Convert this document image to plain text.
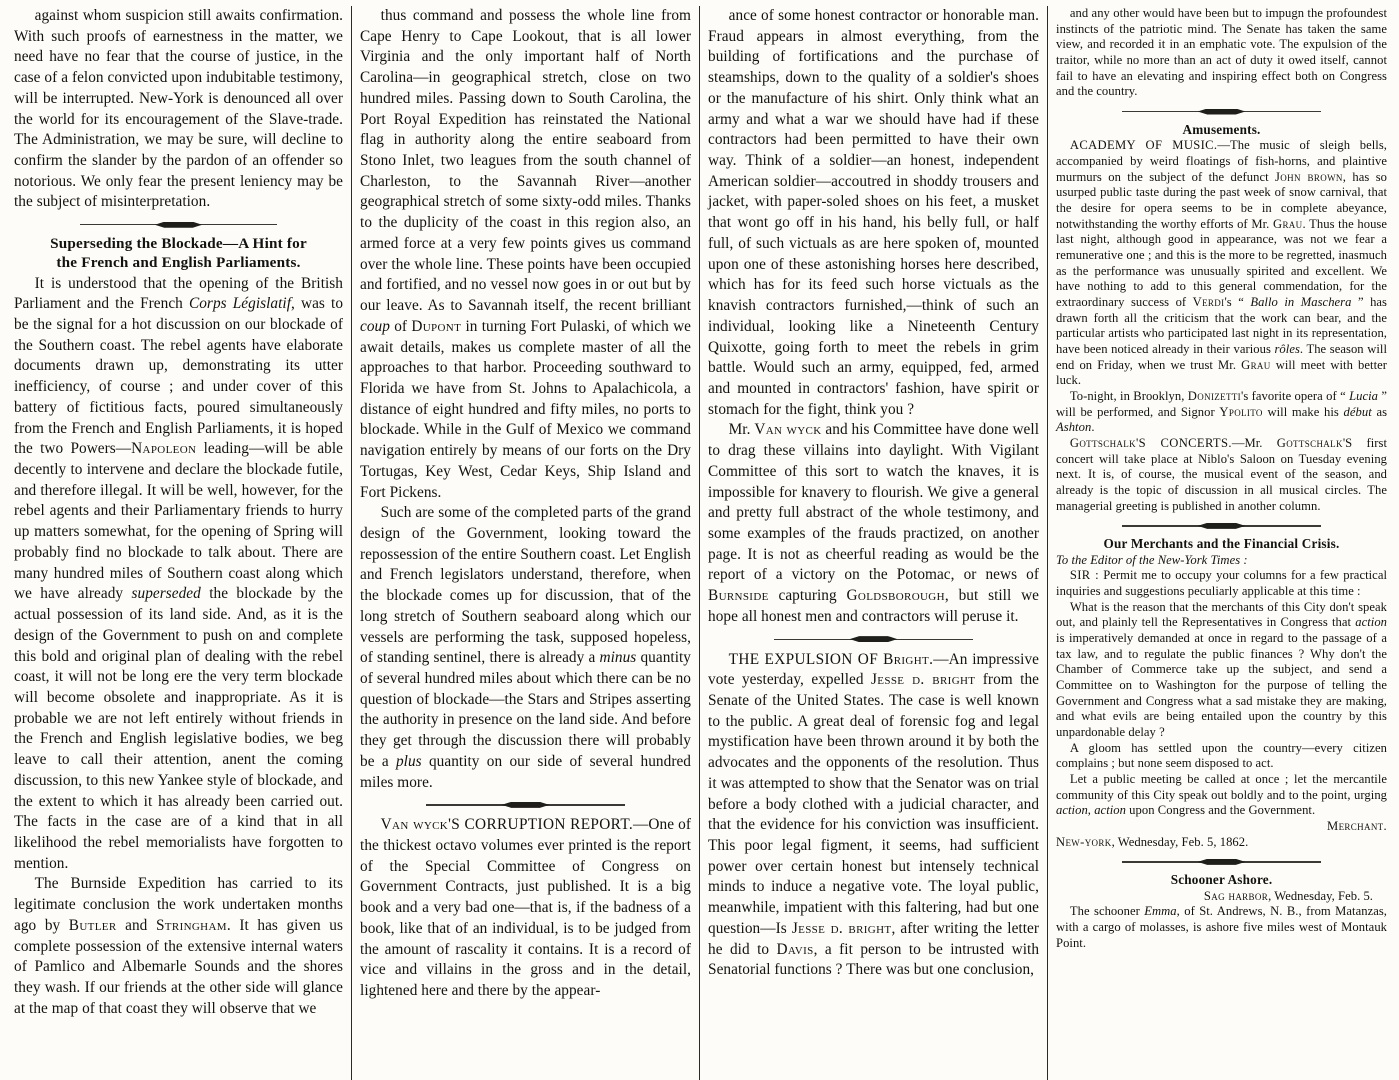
against whom suspicion still awaits confirmation. With such proofs of earnestness in the matter, we need have no fear that the course of justice, in the case of a felon convicted upon indubitable testimony, will be interrupted. New-York is denounced all over the world for its encouragement of the Slave-trade. The Administration, we may be sure, will decline to confirm the slander by the pardon of an offender so notorious. We only fear the present leniency may be the subject of misinterpretation.

Superseding the Blockade—A Hint for
the French and English Parliaments.

It is understood that the opening of the British Parliament and the French Corps Législatif, was to be the signal for a hot discussion on our blockade of the Southern coast. The rebel agents have elaborate documents drawn up, demonstrating its utter inefficiency, of course ; and under cover of this battery of fictitious facts, poured simultaneously from the French and English Parliaments, it is hoped the two Powers—Napoleon leading—will be able decently to intervene and declare the blockade futile, and therefore illegal. It will be well, however, for the rebel agents and their Parliamentary friends to hurry up matters somewhat, for the opening of Spring will probably find no blockade to talk about. There are many hundred miles of Southern coast along which we have already superseded the blockade by the actual possession of its land side. And, as it is the design of the Government to push on and complete this bold and original plan of dealing with the rebel coast, it will not be long ere the very term blockade will become obsolete and inappropriate. As it is probable we are not left entirely without friends in the French and English legislative bodies, we beg leave to call their attention, anent the coming discussion, to this new Yankee style of blockade, and the extent to which it has already been carried out. The facts in the case are of a kind that in all likelihood the rebel memorialists have forgotten to mention.

The Burnside Expedition has carried to its legitimate conclusion the work undertaken months ago by Butler and Stringham. It has given us complete possession of the extensive internal waters of Pamlico and Albemarle Sounds and the shores they wash. If our friends at the other side will glance at the map of that coast they will observe that we

thus command and possess the whole line from Cape Henry to Cape Lookout, that is all lower Virginia and the only important half of North Carolina—in geographical stretch, close on two hundred miles. Passing down to South Carolina, the Port Royal Expedition has reinstated the National flag in authority along the entire seaboard from Stono Inlet, two leagues from the south channel of Charleston, to the Savannah River—another geographical stretch of some sixty-odd miles. Thanks to the duplicity of the coast in this region also, an armed force at a very few points gives us command over the whole line. These points have been occupied and fortified, and no vessel now goes in or out but by our leave. As to Savannah itself, the recent brilliant coup of Dupont in turning Fort Pulaski, of which we await details, makes us complete master of all the approaches to that harbor. Proceeding southward to Florida we have from St. Johns to Apalachicola, a distance of eight hundred and fifty miles, no ports to blockade. While in the Gulf of Mexico we command navigation entirely by means of our forts on the Dry Tortugas, Key West, Cedar Keys, Ship Island and Fort Pickens.

Such are some of the completed parts of the grand design of the Government, looking toward the repossession of the entire Southern coast. Let English and French legislators understand, therefore, when the blockade comes up for discussion, that of the long stretch of Southern seaboard along which our vessels are performing the task, supposed hopeless, of standing sentinel, there is already a minus quantity of several hundred miles about which there can be no question of blockade—the Stars and Stripes asserting the authority in presence on the land side. And before they get through the discussion there will probably be a plus quantity on our side of several hundred miles more.

Van wyck'S CORRUPTION REPORT.—One of the thickest octavo volumes ever printed is the report of the Special Committee of Congress on Government Contracts, just published. It is a big book and a very bad one—that is, if the badness of a book, like that of an individual, is to be judged from the amount of rascality it contains. It is a record of vice and villains in the gross and in the detail, lightened here and there by the appear-

ance of some honest contractor or honorable man. Fraud appears in almost everything, from the building of fortifications and the purchase of steamships, down to the quality of a soldier's shoes or the manufacture of his shirt. Only think what an army and what a war we should have had if these contractors had been permitted to have their own way. Think of a soldier—an honest, independent American soldier—accoutred in shoddy trousers and jacket, with paper-soled shoes on his feet, a musket that wont go off in his hand, his belly full, or half full, of such victuals as are here spoken of, mounted upon one of these astonishing horses here described, which has for its feed such horse victuals as the knavish contractors furnished,—think of such an individual, looking like a Nineteenth Century Quixotte, going forth to meet the rebels in grim battle. Would such an army, equipped, fed, armed and mounted in contractors' fashion, have spirit or stomach for the fight, think you ?

Mr. Van wyck and his Committee have done well to drag these villains into daylight. With Vigilant Committee of this sort to watch the knaves, it is impossible for knavery to flourish. We give a general and pretty full abstract of the whole testimony, and some examples of the frauds practized, on another page. It is not as cheerful reading as would be the report of a victory on the Potomac, or news of Burnside capturing Goldsborough, but still we hope all honest men and contractors will peruse it.

THE EXPULSION OF Bright.—An impressive vote yesterday, expelled Jesse d. bright from the Senate of the United States. The case is well known to the public. A great deal of forensic fog and legal mystification have been thrown around it by both the advocates and the opponents of the resolution. Thus it was attempted to show that the Senator was on trial before a body clothed with a judicial character, and that the evidence for his conviction was insufficient. This poor legal figment, it seems, had sufficient power over certain honest but intensely technical minds to induce a negative vote. The loyal public, meanwhile, impatient with this faltering, had but one question—Is Jesse d. bright, after writing the letter he did to Davis, a fit person to be intrusted with Senatorial functions ? There was but one conclusion,

and any other would have been but to impugn the profoundest instincts of the patriotic mind. The Senate has taken the same view, and recorded it in an emphatic vote. The expulsion of the traitor, while no more than an act of duty it owed itself, cannot fail to have an elevating and inspiring effect both on Congress and the country.

Amusements.

ACADEMY OF MUSIC.—The music of sleigh bells, accompanied by weird floatings of fish-horns, and plaintive murmurs on the subject of the defunct John brown, has so usurped public taste during the past week of snow carnival, that the desire for opera seems to be in complete abeyance, notwithstanding the worthy efforts of Mr. Grau. Thus the house last night, although good in appearance, was not we fear a remunerative one ; and this is the more to be regretted, inasmuch as the performance was unusually spirited and excellent. We have nothing to add to this general commendation, for the extraordinary success of Verdi's “ Ballo in Maschera ” has drawn forth all the criticism that the work can bear, and the particular artists who participated last night in its representation, have been noticed already in their various rôles. The season will end on Friday, when we trust Mr. Grau will meet with better luck.

To-night, in Brooklyn, Donizetti's favorite opera of “ Lucia ” will be performed, and Signor Ypolito will make his début as Ashton.

Gottschalk'S CONCERTS.—Mr. Gottschalk'S first concert will take place at Niblo's Saloon on Tuesday evening next. It is, of course, the musical event of the season, and already is the topic of discussion in all musical circles. The managerial greeting is published in another column.

Our Merchants and the Financial Crisis.

To the Editor of the New-York Times :

SIR : Permit me to occupy your columns for a few practical inquiries and suggestions peculiarly applicable at this time :

What is the reason that the merchants of this City don't speak out, and plainly tell the Representatives in Congress that action is imperatively demanded at once in regard to the passage of a tax law, and to regulate the public finances ? Why don't the Chamber of Commerce take up the subject, and send a Committee on to Washington for the purpose of telling the Government and Congress what a sad mistake they are making, and what evils are being entailed upon the country by this unpardonable delay ?

A gloom has settled upon the country—every citizen complains ; but none seem disposed to act.

Let a public meeting be called at once ; let the mercantile community of this City speak out boldly and to the point, urging action, action upon Congress and the Government.

Merchant.

New-york, Wednesday, Feb. 5, 1862.

Schooner Ashore.

Sag harbor, Wednesday, Feb. 5.

The schooner Emma, of St. Andrews, N. B., from Matanzas, with a cargo of molasses, is ashore five miles west of Montauk Point.
